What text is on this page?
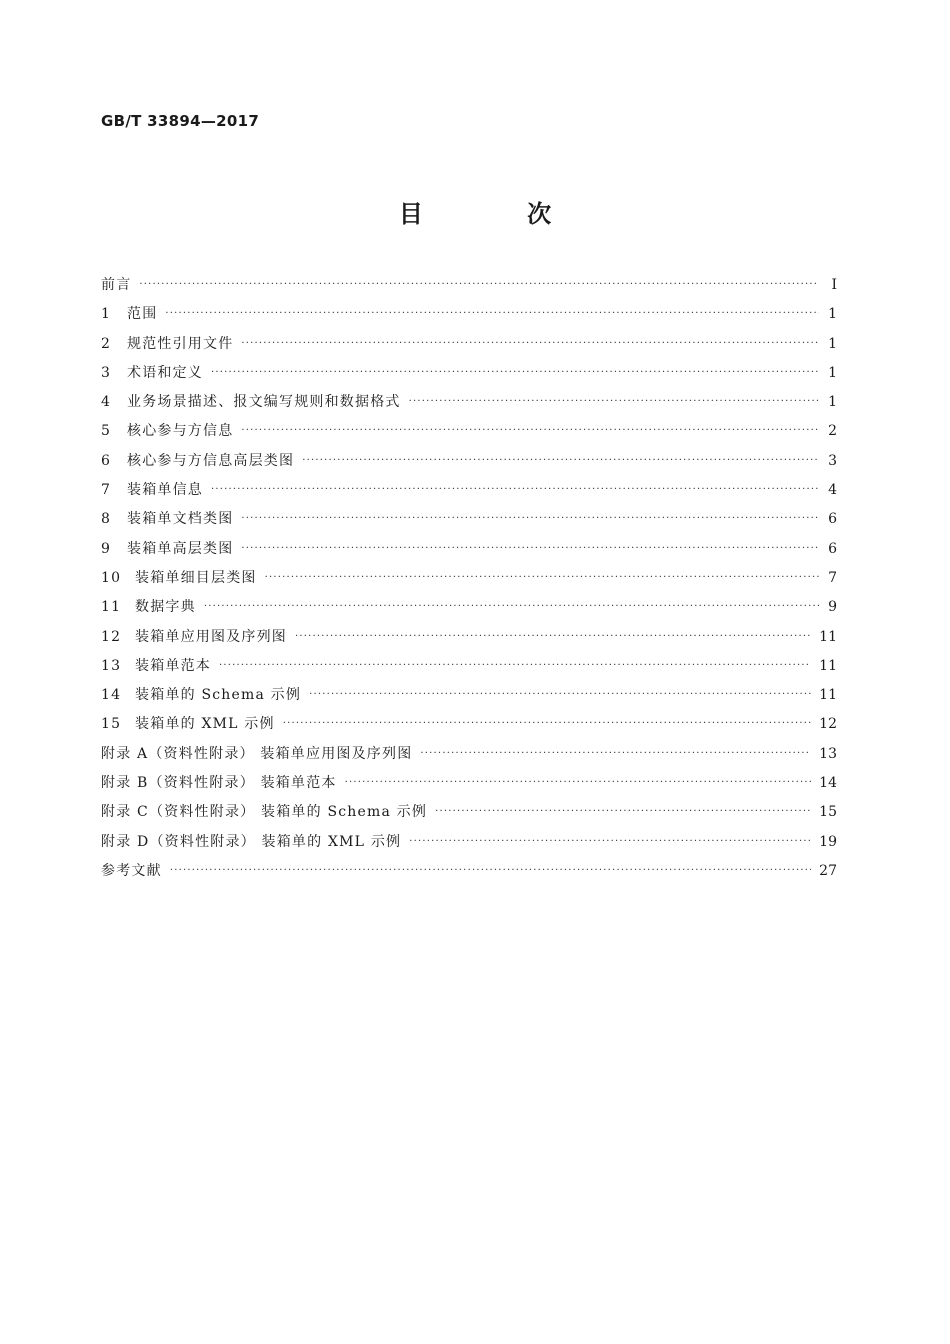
GB/T 33894—2017
目 次
前言 ·····	Ⅰ
1	范围 ·····	1
2	规范性引用文件 ·····	1
3	术语和定义 ·····	1
4	业务场景描述、报文编写规则和数据格式 ·····	1
5	核心参与方信息 ·····	2
6	核心参与方信息高层类图 ·····	3
7	装箱单信息 ·····	4
8	装箱单文档类图 ·····	6
9	装箱单高层类图 ·····	6
10 装箱单细目层类图 ·····	7
11 数据字典 ·····	9
12 装箱单应用图及序列图 ·····	11
13 装箱单范本 ·····	11
14 装箱单的 Schema 示例 ·····	11
15 装箱单的 XML 示例 ·····	12
附录 A（资料性附录） 装箱单应用图及序列图 ·····	13
附录 B（资料性附录） 装箱单范本 ·····	14
附录 C（资料性附录） 装箱单的 Schema 示例 ·····	15
附录 D（资料性附录） 装箱单的 XML 示例 ·····	19
参考文献 ·····	27
